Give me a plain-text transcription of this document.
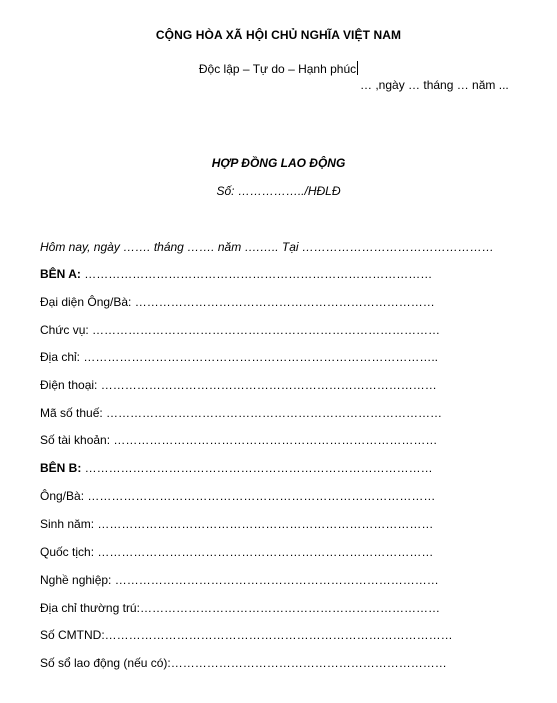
CỘNG HÒA XÃ HỘI CHỦ NGHĨA VIỆT NAM
Độc lập – Tự do – Hạnh phúc
… ,ngày … tháng … năm ...
HỢP ĐỒNG LAO ĐỘNG
Số: ……………../HĐLĐ
Hôm nay, ngày ……. tháng ……. năm ….….. Tại …………………………………………
BÊN A: ……………………………………………………………………………
Đại diện Ông/Bà: …………………………………………………………………
Chức vụ: ……………………………………………………………………………
Địa chỉ: ……………………………………………………………………………..
Điện thoại: …………………………………………………………………………
Mã số thuế: …………………………………………………………………………
Số tài khoản: ………………………………………………………………………
BÊN B: ……………………………………………………………………………
Ông/Bà: ……………………………………………………………………………
Sinh năm: …………………………………………………………………………
Quốc tịch: …………………………………………………………………………
Nghề nghiệp: ………………………………………………………………………
Địa chỉ thường trú:…………………………………………………………………
Số CMTND:……………………………………………………………………………
Số sổ lao động (nếu có):……………………………………………………………
